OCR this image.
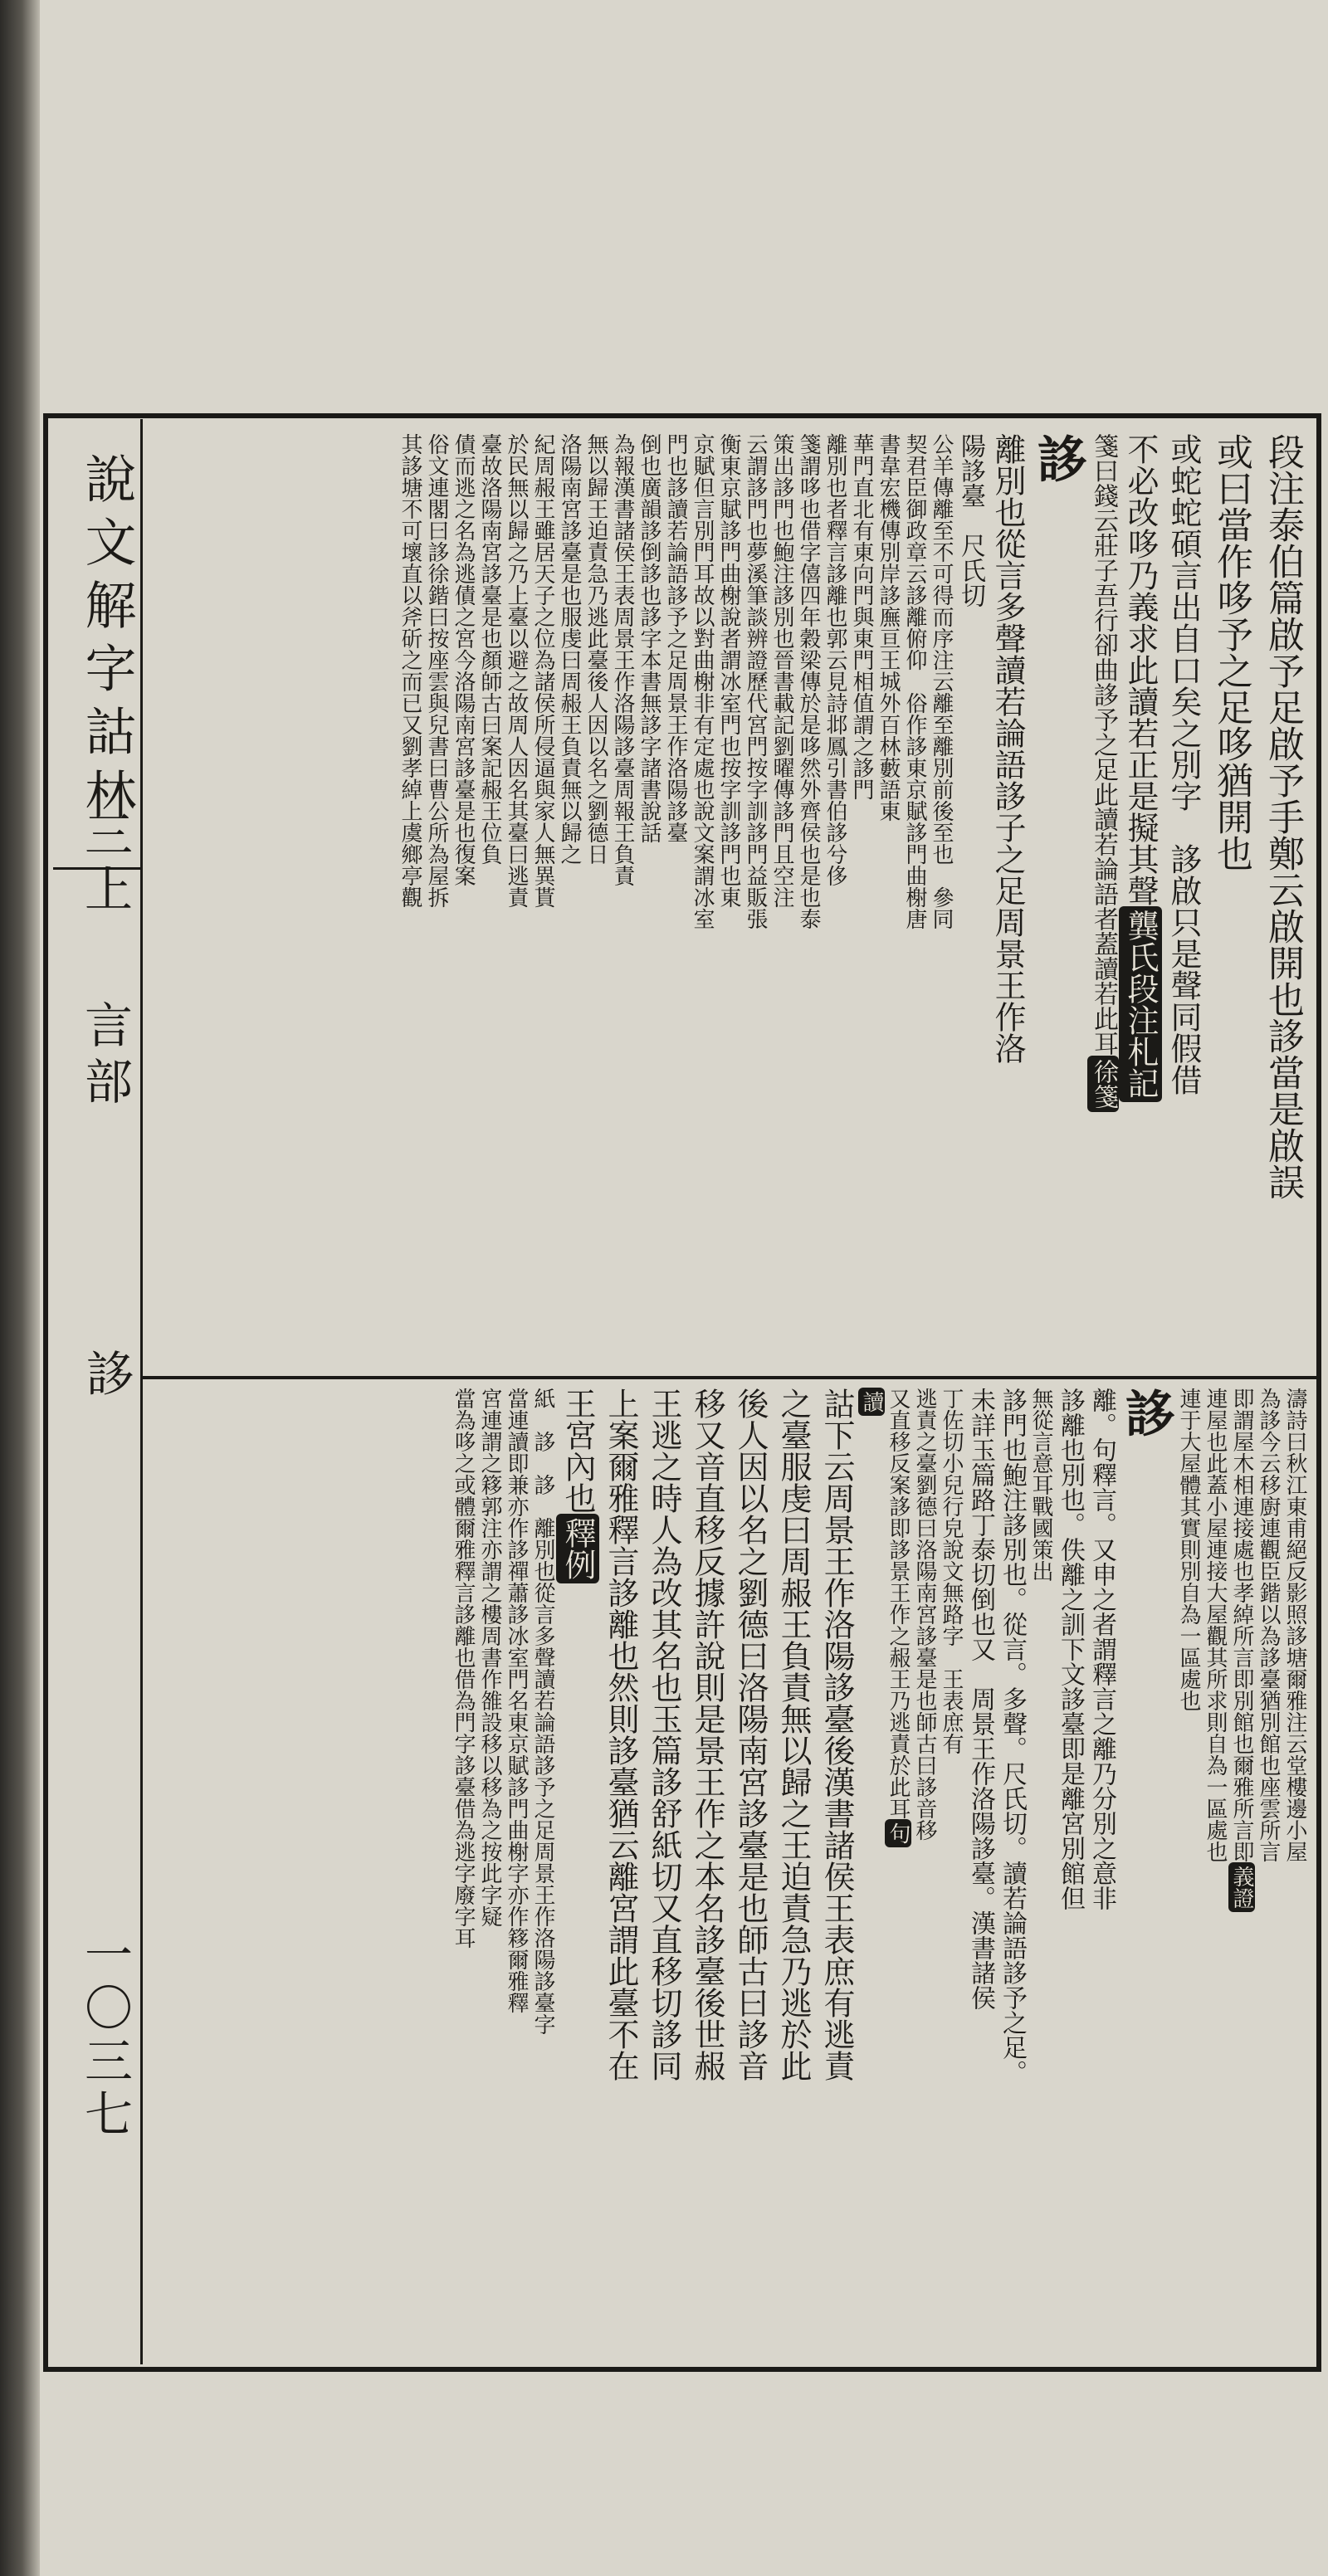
說文解字詁林
三上
言部
誃
一〇三七
段注泰伯篇啟予足啟予手鄭云啟開也誃當是啟誤
或曰當作哆予之足哆猶開也
或蛇蛇碩言出自口矣之別字　誃啟只是聲同假借
不必改哆乃義求此讀若正是擬其聲龔氏段注札記
箋曰錢云莊子吾行卻曲誃予之足此讀若論語者蓋讀若此耳徐箋
誃
離別也從言多聲讀若論語誃子之足周景王作洛
陽誃臺　尺氏切
公羊傳離至不可得而序注云離至離別前後至也　參同
契君臣御政章云誃離俯仰　俗作誃東京賦誃門曲榭唐
書韋宏機傳別岸誃廡亘王城外百林藪語東
華門直北有東向門與東門相值謂之誃門
離別也者釋言誃離也郭云見詩邶鳳引書伯誃兮侈
箋謂哆也借字僖四年穀梁傳於是哆然外齊侯也是也泰
策出誃門也鮑注誃別也晉書載記劉曜傳誃門且空注
云謂誃門也夢溪筆談辨證歷代宮門按字訓誃門益販張
衡東京賦誃門曲榭說者謂冰室門也按字訓誃門也東
京賦但言別門耳故以對曲榭非有定處也說文案謂冰室
門也誃讀若論語誃予之足周景王作洛陽誃臺
倒也廣韻誃倒誃也誃字本書無誃字諸書說話
為報漢書諸侯王表周景王作洛陽誃臺周報王負責
無以歸王迫責急乃逃此臺後人因以名之劉德日
洛陽南宮誃臺是也服虔曰周赧王負責無以歸之
紀周赧王雖居天子之位為諸侯所侵逼與家人無異貰
於民無以歸之乃上臺以避之故周人因名其臺曰逃責
臺故洛陽南宮誃臺是也顏師古曰案記赧王位負
債而逃之名為逃債之宮今洛陽南宮誃臺是也復案
俗文連閣曰誃徐鍇曰按座雲與兒書曰曹公所為屋拆
其誃塘不可壞直以斧斫之而已又劉孝綽上虞鄉亭觀
濤詩曰秋江東甫絕反影照誃塘爾雅注云堂樓邊小屋
為誃今云移廚連觀臣鍇以為誃臺猶別館也座雲所言
即謂屋木相連接處也孝綽所言即別館也爾雅所言即義證
連屋也此蓋小屋連接大屋觀其所求則自為一區處也
連于大屋體其實則別自為一區處也
誃
離。句釋言。又申之者謂釋言之離乃分別之意非
誃離也別也。佚離之訓下文誃臺即是離宮別館但
無從言意耳戰國策出
誃門也鮑注誃別也。從言。多聲。尺氏切。讀若論語誃予之足。
未詳玉篇路丁泰切倒也又　周景王作洛陽誃臺。漢書諸侯
丁佐切小兒行皃說文無路字　王表庶有
逃責之臺劉德曰洛陽南宮誃臺是也師古曰誃音移
又直移反案誃即誃景王作之赧王乃逃責於此耳句
讀
詁下云周景王作洛陽誃臺後漢書諸侯王表庶有逃責
之臺服虔曰周赧王負責無以歸之王迫責急乃逃於此
後人因以名之劉德曰洛陽南宮誃臺是也師古曰誃音
移又音直移反據許說則是景王作之本名誃臺後世赧
王逃之時人為改其名也玉篇誃舒紙切又直移切誃同
上案爾雅釋言誃離也然則誃臺猶云離宮謂此臺不在
王宮內也釋例
紙　誃　誃　離別也從言多聲讀若論語誃予之足周景王作洛陽誃臺字
當連讀即兼亦作誃禪蕭誃冰室門名東京賦誃門曲榭字亦作簃爾雅釋
宮連謂之簃郭注亦謂之樓周書作雒設移以移為之按此字疑
當為哆之或體爾雅釋言誃離也借為門字誃臺借為逃字廢字耳
